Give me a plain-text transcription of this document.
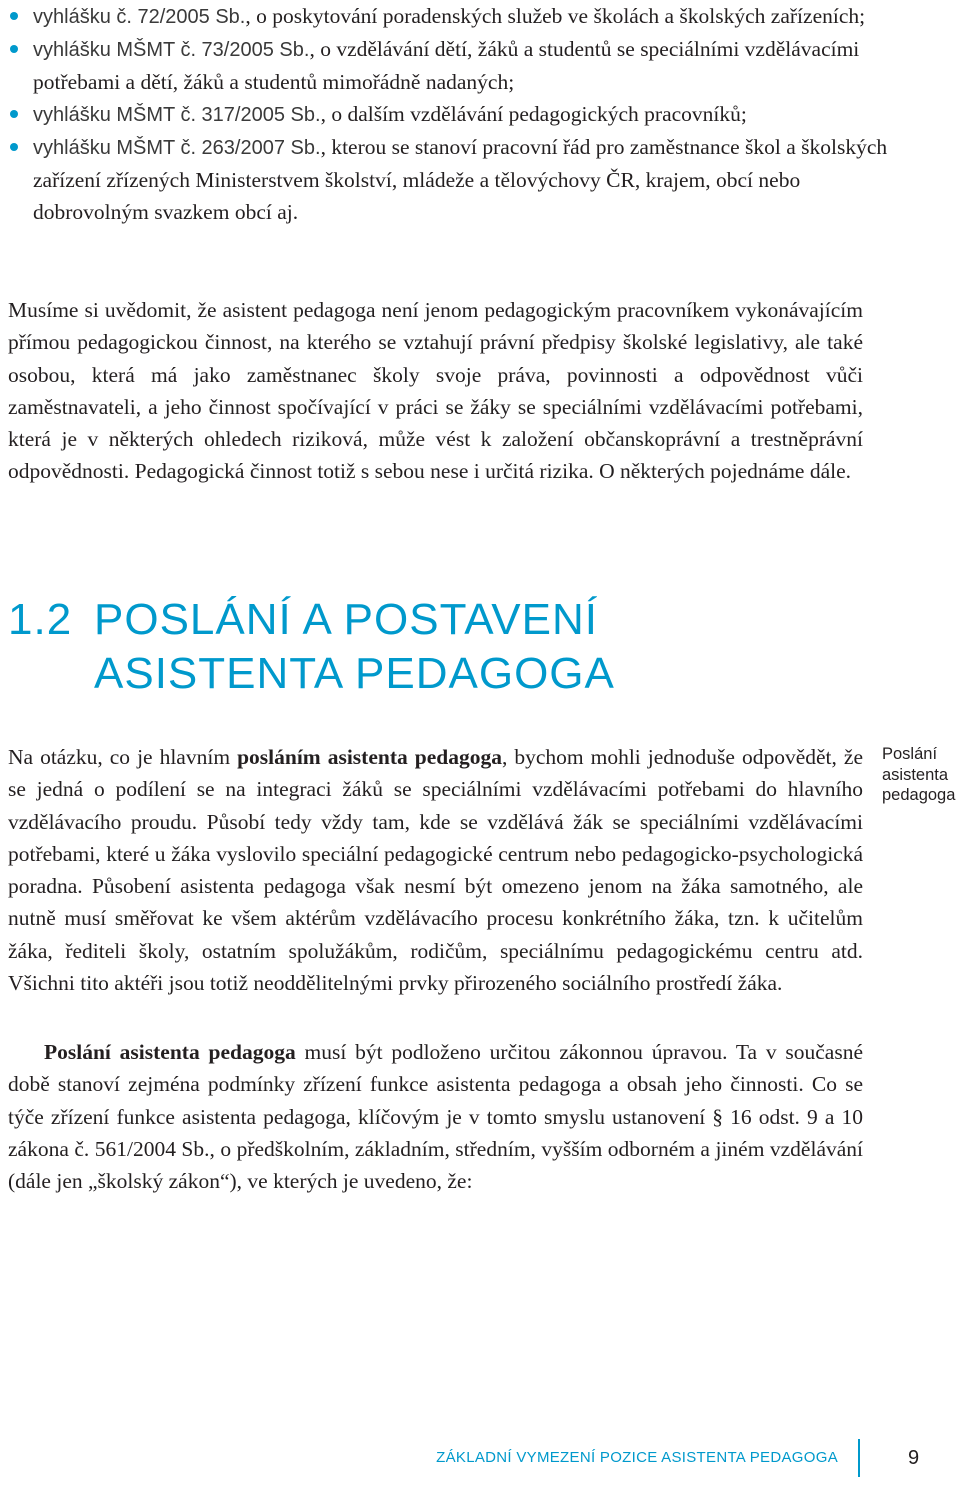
vyhlášku č. 72/2005 Sb., o poskytování poradenských služeb ve školách a školských zařízeních;
vyhlášku MŠMT č. 73/2005 Sb., o vzdělávání dětí, žáků a studentů se speciálními vzdělávacími potřebami a dětí, žáků a studentů mimořádně nadaných;
vyhlášku MŠMT č. 317/2005 Sb., o dalším vzdělávání pedagogických pracovníků;
vyhlášku MŠMT č. 263/2007 Sb., kterou se stanoví pracovní řád pro zaměstnance škol a školských zařízení zřízených Ministerstvem školství, mládeže a tělovýchovy ČR, krajem, obcí nebo dobrovolným svazkem obcí aj.

Musíme si uvědomit, že asistent pedagoga není jenom pedagogickým pracovníkem vykonávajícím přímou pedagogickou činnost, na kterého se vztahují právní předpisy školské legislativy, ale také osobou, která má jako zaměstnanec školy svoje práva, povinnosti a odpovědnost vůči zaměstnavateli, a jeho činnost spočívající v práci se žáky se speciálními vzdělávacími potřebami, která je v některých ohledech riziková, může vést k založení občanskoprávní a trestněprávní odpovědnosti. Pedagogická činnost totiž s sebou nese i určitá rizika. O některých pojednáme dále.

1.2 POSLÁNÍ A POSTAVENÍ
ASISTENTA PEDAGOGA

Na otázku, co je hlavním posláním asistenta pedagoga, bychom mohli jednoduše odpovědět, že se jedná o podílení se na integraci žáků se speciálními vzdělávacími potřebami do hlavního vzdělávacího proudu. Působí tedy vždy tam, kde se vzdělává žák se speciálními vzdělávacími potřebami, které u žáka vyslovilo speciální pedagogické centrum nebo pedagogicko-psychologická poradna. Působení asistenta pedagoga však nesmí být omezeno jenom na žáka samotného, ale nutně musí směřovat ke všem aktérům vzdělávacího procesu konkrétního žáka, tzn. k učitelům žáka, řediteli školy, ostatním spolužákům, rodičům, speciálnímu pedagogickému centru atd. Všichni tito aktéři jsou totiž neoddělitelnými prvky přirozeného sociálního prostředí žáka.

Poslání
asistenta
pedagoga

Poslání asistenta pedagoga musí být podloženo určitou zákonnou úpravou. Ta v současné době stanoví zejména podmínky zřízení funkce asistenta pedagoga a obsah jeho činnosti. Co se týče zřízení funkce asistenta pedagoga, klíčovým je v tomto smyslu ustanovení § 16 odst. 9 a 10 zákona č. 561/2004 Sb., o předškolním, základním, středním, vyšším odborném a jiném vzdělávání (dále jen „školský zákon“), ve kterých je uvedeno, že:

ZÁKLADNÍ VYMEZENÍ POZICE ASISTENTA PEDAGOGA	9
